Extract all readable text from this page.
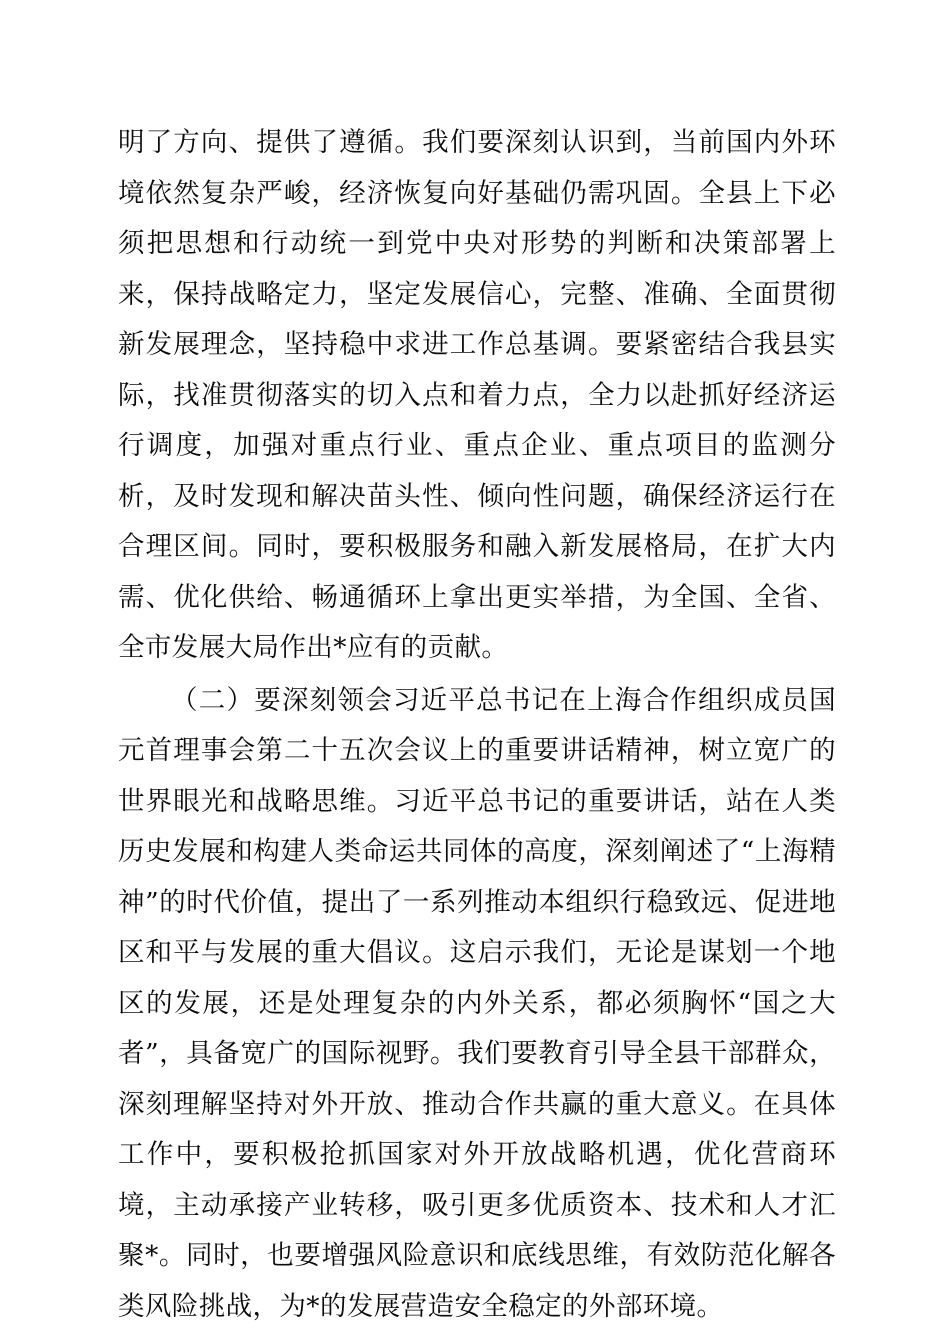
明了方向、提供了遵循。我们要深刻认识到，当前国内外环境依然复杂严峻，经济恢复向好基础仍需巩固。全县上下必须把思想和行动统一到党中央对形势的判断和决策部署上来，保持战略定力，坚定发展信心，完整、准确、全面贯彻新发展理念，坚持稳中求进工作总基调。要紧密结合我县实际，找准贯彻落实的切入点和着力点，全力以赴抓好经济运行调度，加强对重点行业、重点企业、重点项目的监测分析，及时发现和解决苗头性、倾向性问题，确保经济运行在合理区间。同时，要积极服务和融入新发展格局，在扩大内需、优化供给、畅通循环上拿出更实举措，为全国、全省、全市发展大局作出*应有的贡献。

（二）要深刻领会习近平总书记在上海合作组织成员国元首理事会第二十五次会议上的重要讲话精神，树立宽广的世界眼光和战略思维。习近平总书记的重要讲话，站在人类历史发展和构建人类命运共同体的高度，深刻阐述了“上海精神”的时代价值，提出了一系列推动本组织行稳致远、促进地区和平与发展的重大倡议。这启示我们，无论是谋划一个地区的发展，还是处理复杂的内外关系，都必须胸怀“国之大者”，具备宽广的国际视野。我们要教育引导全县干部群众，深刻理解坚持对外开放、推动合作共赢的重大意义。在具体工作中，要积极抢抓国家对外开放战略机遇，优化营商环境，主动承接产业转移，吸引更多优质资本、技术和人才汇聚*。同时，也要增强风险意识和底线思维，有效防范化解各类风险挑战，为*的发展营造安全稳定的外部环境。
